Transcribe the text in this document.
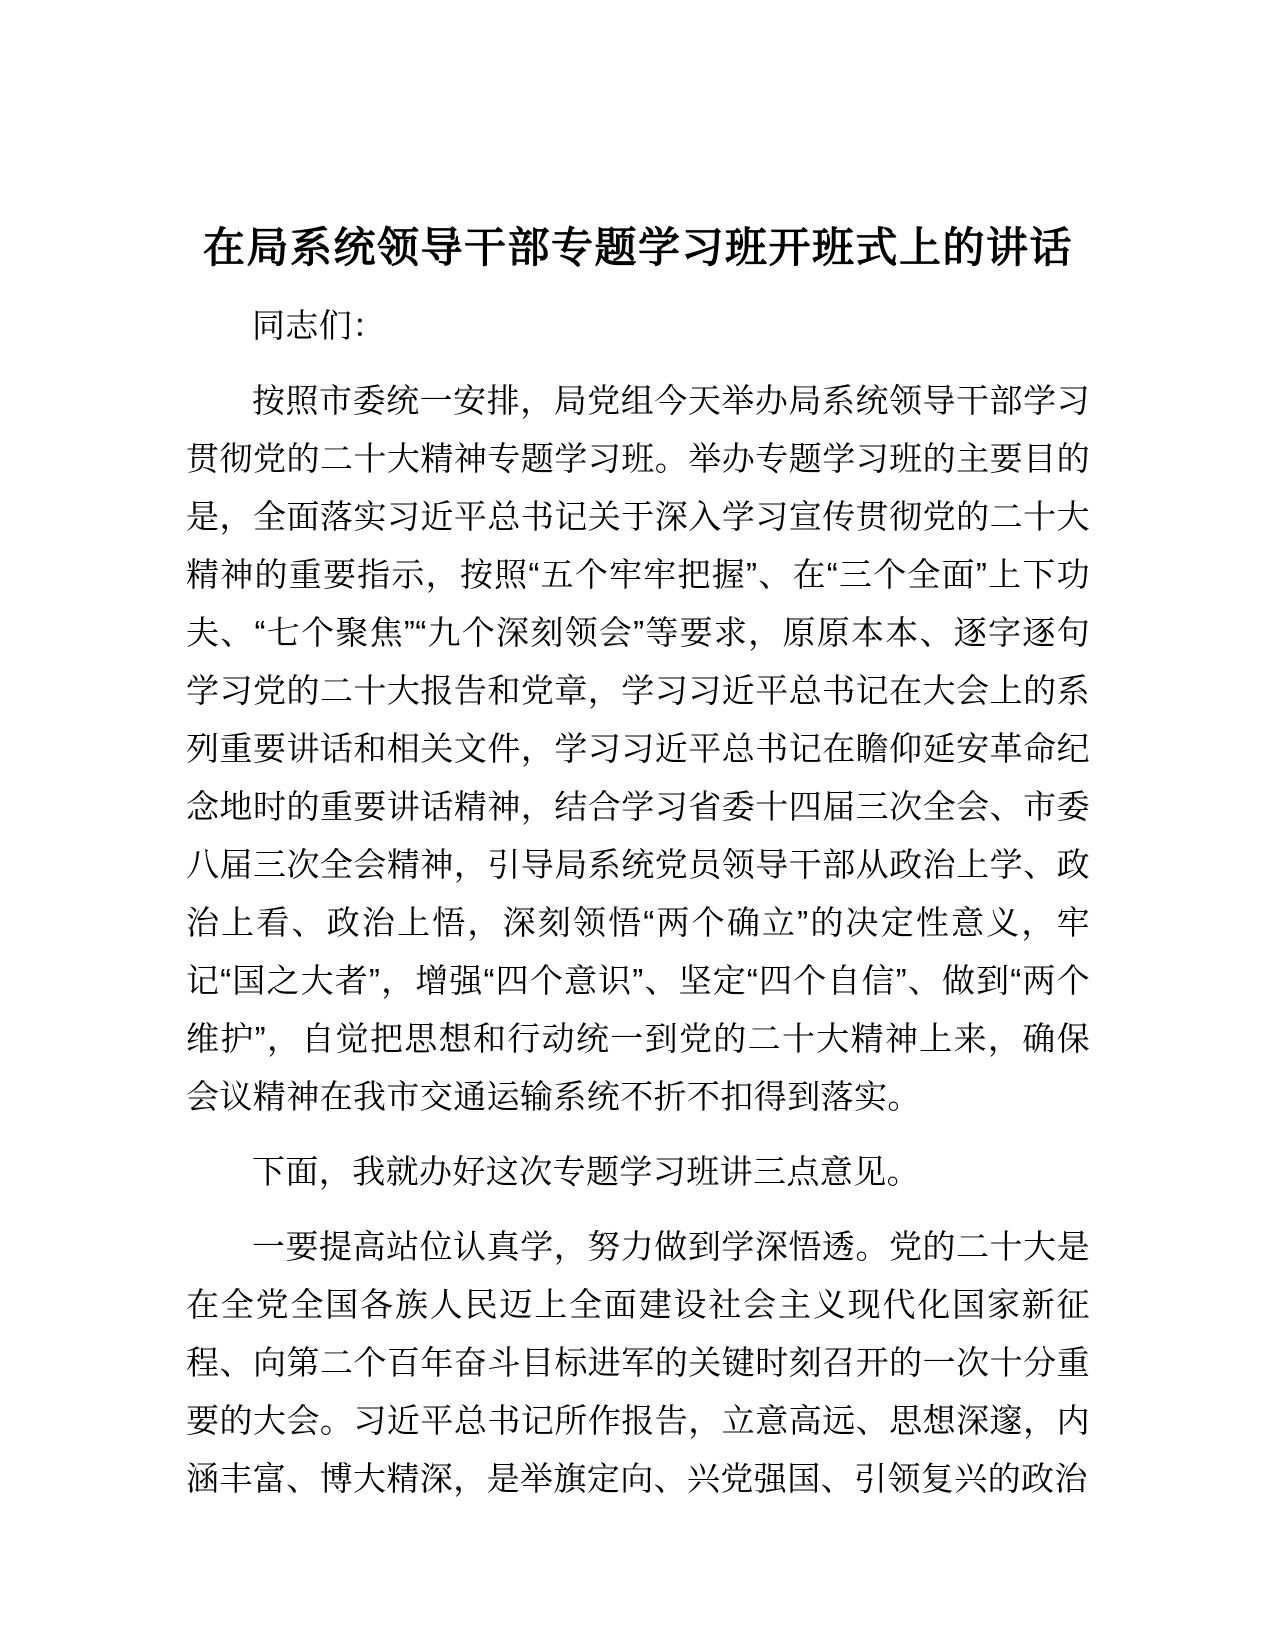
在局系统领导干部专题学习班开班式上的讲话

同志们：

按照市委统一安排，局党组今天举办局系统领导干部学习贯彻党的二十大精神专题学习班。举办专题学习班的主要目的是，全面落实习近平总书记关于深入学习宣传贯彻党的二十大精神的重要指示，按照“五个牢牢把握”、在“三个全面”上下功夫、“七个聚焦”“九个深刻领会”等要求，原原本本、逐字逐句学习党的二十大报告和党章，学习习近平总书记在大会上的系列重要讲话和相关文件，学习习近平总书记在瞻仰延安革命纪念地时的重要讲话精神，结合学习省委十四届三次全会、市委八届三次全会精神，引导局系统党员领导干部从政治上学、政治上看、政治上悟，深刻领悟“两个确立”的决定性意义，牢记“国之大者”，增强“四个意识”、坚定“四个自信”、做到“两个维护”，自觉把思想和行动统一到党的二十大精神上来，确保会议精神在我市交通运输系统不折不扣得到落实。

下面，我就办好这次专题学习班讲三点意见。

一要提高站位认真学，努力做到学深悟透。党的二十大是在全党全国各族人民迈上全面建设社会主义现代化国家新征程、向第二个百年奋斗目标进军的关键时刻召开的一次十分重要的大会。习近平总书记所作报告，立意高远、思想深邃，内涵丰富、博大精深，是举旗定向、兴党强国、引领复兴的政治
